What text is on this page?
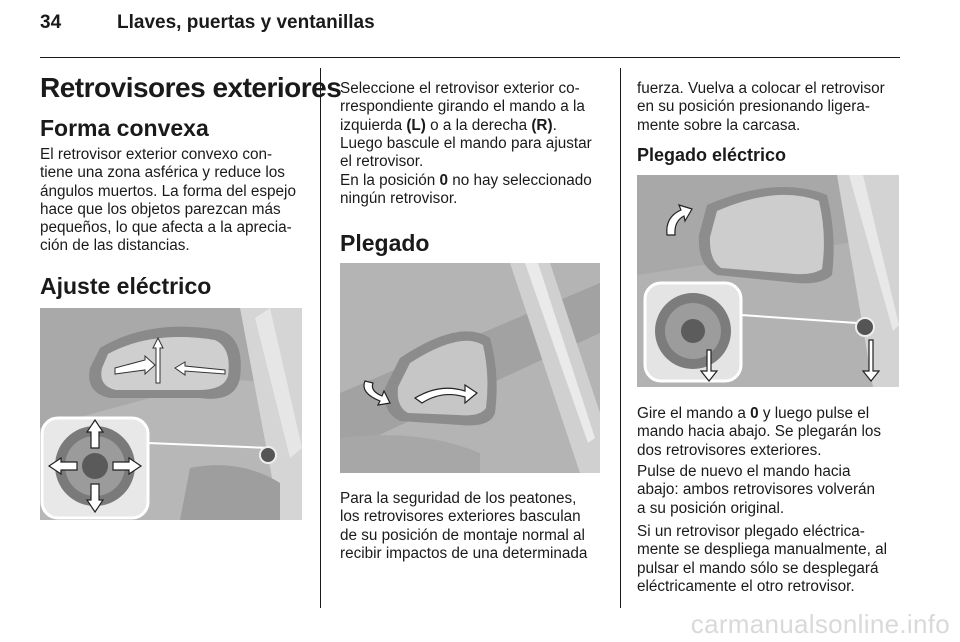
34	Llaves, puertas y ventanillas
Retrovisores exteriores
Forma convexa
El retrovisor exterior convexo con-
tiene una zona asférica y reduce los
ángulos muertos. La forma del espejo
hace que los objetos parezcan más
pequeños, lo que afecta a la aprecia-
ción de las distancias.
Ajuste eléctrico
Seleccione el retrovisor exterior co-
rrespondiente girando el mando a la
izquierda (L) o a la derecha (R).
Luego bascule el mando para ajustar
el retrovisor.
En la posición 0 no hay seleccionado
ningún retrovisor.
Plegado
Para la seguridad de los peatones,
los retrovisores exteriores basculan
de su posición de montaje normal al
recibir impactos de una determinada
fuerza. Vuelva a colocar el retrovisor
en su posición presionando ligera-
mente sobre la carcasa.
Plegado eléctrico
Gire el mando a 0 y luego pulse el
mando hacia abajo. Se plegarán los
dos retrovisores exteriores.
Pulse de nuevo el mando hacia
abajo: ambos retrovisores volverán
a su posición original.
Si un retrovisor plegado eléctrica-
mente se despliega manualmente, al
pulsar el mando sólo se desplegará
eléctricamente el otro retrovisor.
carmanualsonline.info
